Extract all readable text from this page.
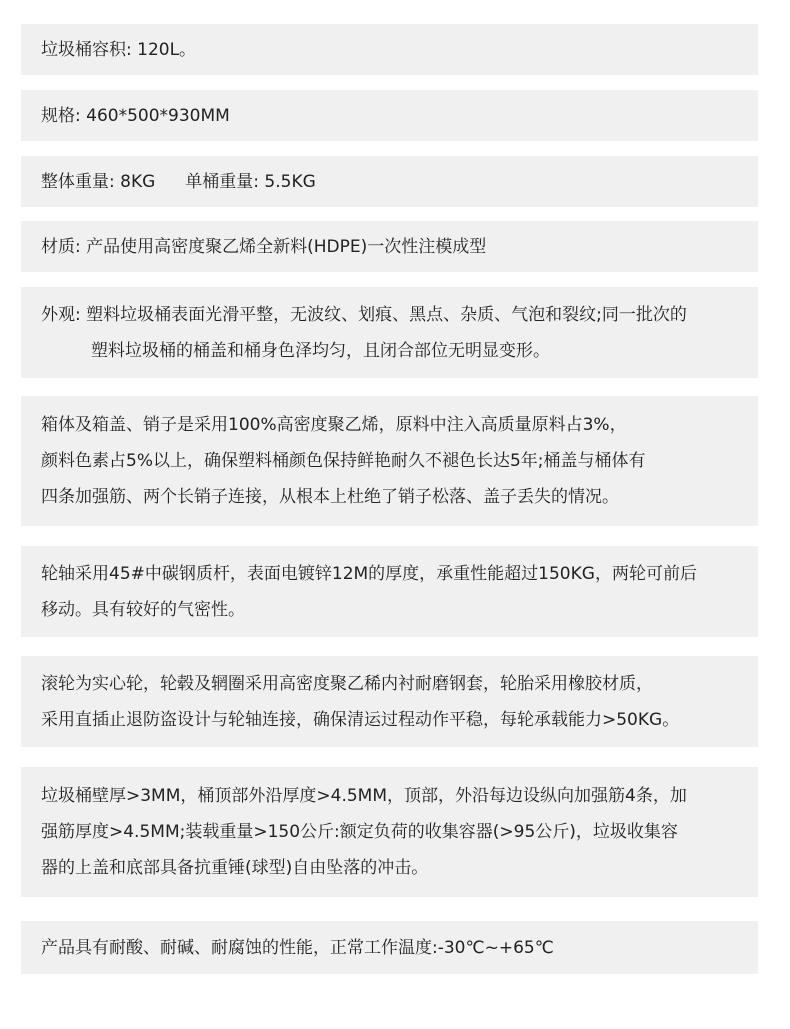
垃圾桶容积: 120L。
规格: 460*500*930MM
整体重量: 8KG 单桶重量: 5.5KG
材质: 产品使用高密度聚乙烯全新料(HDPE)一次性注模成型
外观: 塑料垃圾桶表面光滑平整，无波纹、划痕、黑点、杂质、气泡和裂纹;同一批次的
塑料垃圾桶的桶盖和桶身色泽均匀，且闭合部位无明显变形。
箱体及箱盖、销子是采用100%高密度聚乙烯，原料中注入高质量原料占3%，
颜料色素占5%以上，确保塑料桶颜色保持鲜艳耐久不褪色长达5年;桶盖与桶体有
四条加强筋、两个长销子连接，从根本上杜绝了销子松落、盖子丢失的情况。
轮轴采用45#中碳钢质杆，表面电镀锌12M的厚度，承重性能超过150KG，两轮可前后
移动。具有较好的气密性。
滚轮为实心轮，轮毂及辋圈采用高密度聚乙稀内衬耐磨钢套，轮胎采用橡胶材质，
采用直插止退防盗设计与轮轴连接，确保清运过程动作平稳，每轮承载能力>50KG。
垃圾桶壁厚>3MM，桶顶部外沿厚度>4.5MM，顶部，外沿每边设纵向加强筋4条，加
强筋厚度>4.5MM;装载重量>150公斤:额定负荷的收集容器(>95公斤)，垃圾收集容
器的上盖和底部具备抗重锤(球型)自由坠落的冲击。
产品具有耐酸、耐碱、耐腐蚀的性能，正常工作温度:-30℃~+65℃
